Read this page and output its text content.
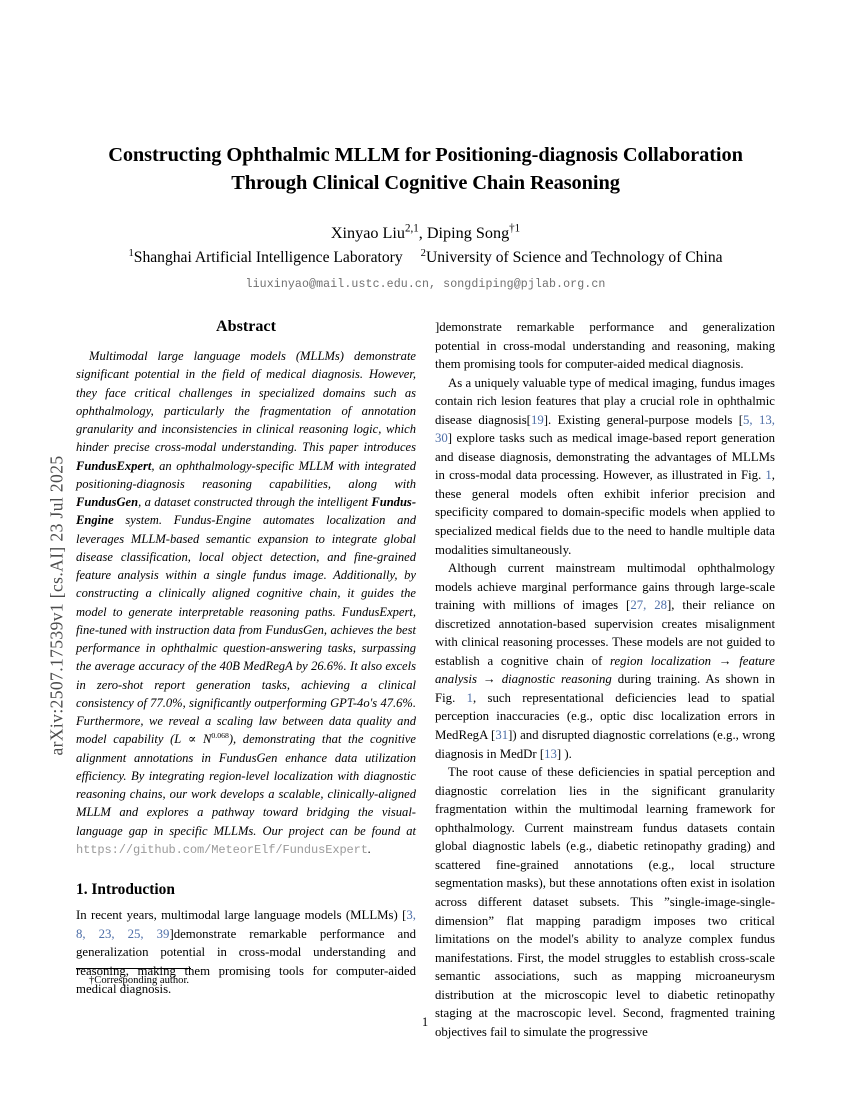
arXiv:2507.17539v1 [cs.AI] 23 Jul 2025
Constructing Ophthalmic MLLM for Positioning-diagnosis Collaboration
Through Clinical Cognitive Chain Reasoning
Xinyao Liu$^{2,1}$, Diping Song$^{\dagger 1}$
$^1$Shanghai Artificial Intelligence Laboratory $^2$University of Science and Technology of China
liuxinyao@mail.ustc.edu.cn, songdiping@pjlab.org.cn
Abstract

Multimodal large language models (MLLMs) demonstrate significant potential in the field of medical diagnosis. However, they face critical challenges in specialized domains such as ophthalmology, particularly the fragmentation of annotation granularity and inconsistencies in clinical reasoning logic, which hinder precise cross-modal understanding. This paper introduces FundusExpert, an ophthalmology-specific MLLM with integrated positioning-diagnosis reasoning capabilities, along with FundusGen, a dataset constructed through the intelligent Fundus-Engine system. Fundus-Engine automates localization and leverages MLLM-based semantic expansion to integrate global disease classification, local object detection, and fine-grained feature analysis within a single fundus image. Additionally, by constructing a clinically aligned cognitive chain, it guides the model to generate interpretable reasoning paths. FundusExpert, fine-tuned with instruction data from FundusGen, achieves the best performance in ophthalmic question-answering tasks, surpassing the average accuracy of the 40B MedRegA by 26.6%. It also excels in zero-shot report generation tasks, achieving a clinical consistency of 77.0%, significantly outperforming GPT-4o's 47.6%. Furthermore, we reveal a scaling law between data quality and model capability $(L \propto N^{0.068})$, demonstrating that the cognitive alignment annotations in FundusGen enhance data utilization efficiency. By integrating region-level localization with diagnostic reasoning chains, our work develops a scalable, clinically-aligned MLLM and explores a pathway toward bridging the visual-language gap in specific MLLMs. Our project can be found at https://github.com/MeteorElf/FundusExpert.

1. Introduction

In recent years, multimodal large language models (MLLMs) [3, 8, 23, 25, 39]demonstrate remarkable performance and generalization potential in cross-modal understanding and reasoning, making them promising tools for computer-aided medical diagnosis.

]demonstrate remarkable performance and generalization potential in cross-modal understanding and reasoning, making them promising tools for computer-aided medical diagnosis.

As a uniquely valuable type of medical imaging, fundus images contain rich lesion features that play a crucial role in ophthalmic disease diagnosis[19]. Existing general-purpose models [5, 13, 30] explore tasks such as medical image-based report generation and disease diagnosis, demonstrating the advantages of MLLMs in cross-modal data processing. However, as illustrated in Fig. 1, these general models often exhibit inferior precision and specificity compared to domain-specific models when applied to specialized medical fields due to the need to handle multiple data modalities simultaneously.

Although current mainstream multimodal ophthalmology models achieve marginal performance gains through large-scale training with millions of images [27, 28], their reliance on discretized annotation-based supervision creates misalignment with clinical reasoning processes. These models are not guided to establish a cognitive chain of region localization → feature analysis → diagnostic reasoning during training. As shown in Fig. 1, such representational deficiencies lead to spatial perception inaccuracies (e.g., optic disc localization errors in MedRegA [31]) and disrupted diagnostic correlations (e.g., wrong diagnosis in MedDr [13] ).

The root cause of these deficiencies in spatial perception and diagnostic correlation lies in the significant granularity fragmentation within the multimodal learning framework for ophthalmology. Current mainstream fundus datasets contain global diagnostic labels (e.g., diabetic retinopathy grading) and scattered fine-grained annotations (e.g., local structure segmentation masks), but these annotations often exist in isolation across different dataset subsets. This ”single-image-single-dimension” flat mapping paradigm imposes two critical limitations on the model's ability to analyze complex fundus manifestations. First, the model struggles to establish cross-scale semantic associations, such as mapping microaneurysm distribution at the microscopic level to diabetic retinopathy staging at the macroscopic level. Second, fragmented training objectives fail to simulate the progressive

†Corresponding author.
1
